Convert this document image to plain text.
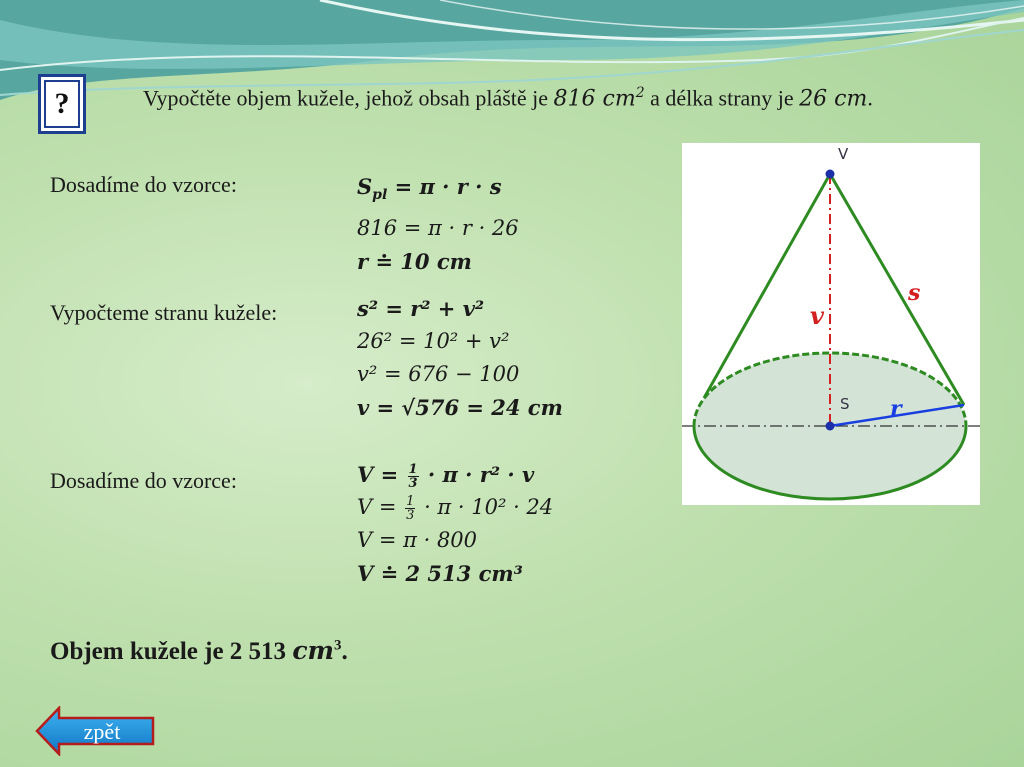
?	Vypočtěte objem kužele, jehož obsah pláště je 816 $cm^2$ a délka strany je 26 cm.
Dosadíme do vzorce:	$S_{pl} = \pi \cdot r \cdot s$
816 = π · r · 26
r ≐ 10 cm
Vypočteme stranu kužele:	s² = r² + v²
26² = 10² + v²
v² = 676 − 100
v = √576 = 24 cm
Dosadíme do vzorce:	$V = \frac{1}{3} \cdot \pi \cdot r^2 \cdot v$
$V = \frac{1}{3} \cdot \pi \cdot 10^2 \cdot 24$
V = π · 800
V ≐ 2 513 cm³
Objem kužele je 2 513 $cm^3$.
V
S
v
s
r
zpět
